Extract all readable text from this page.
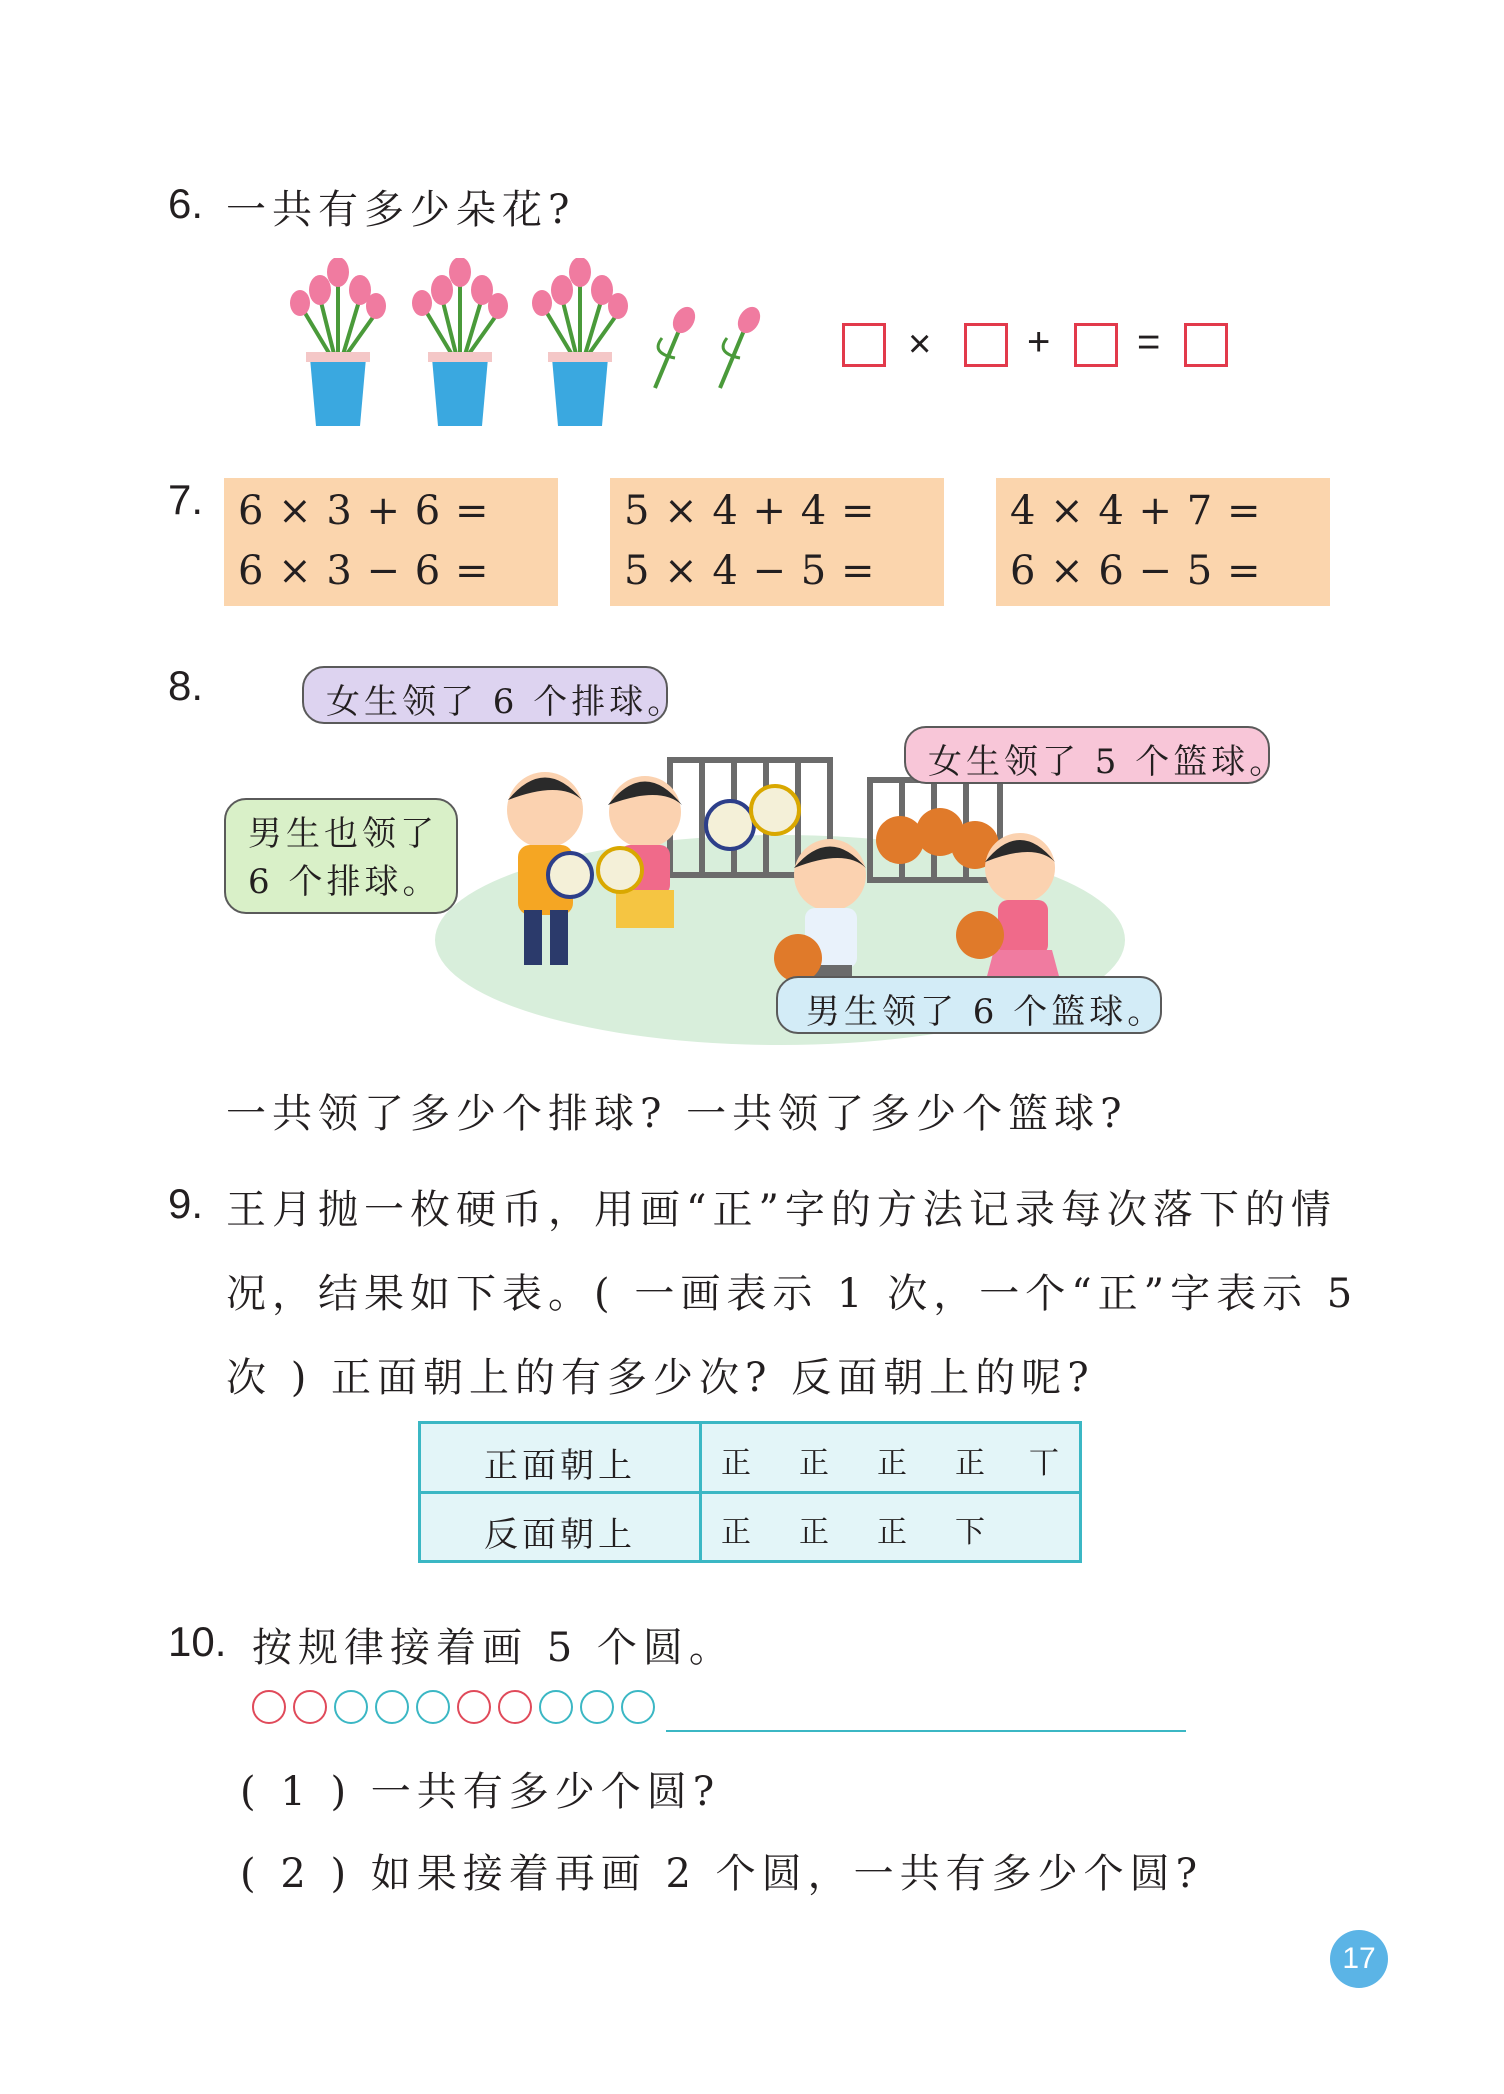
6. 一共有多少朵花?
× + =
7. 6 × 3 + 6 =
6 × 3 − 6 =
5 × 4 + 4 =
5 × 4 − 5 =
4 × 4 + 7 =
6 × 6 − 5 =
8.	女生领了 6 个排球。
女生领了 5 个篮球。
男生也领了
6 个排球。
男生领了 6 个篮球。
一共领了多少个排球? 一共领了多少个篮球?
9. 王月抛一枚硬币，用画“正”字的方法记录每次落下的情
况，结果如下表。( 一画表示 1 次，一个“正”字表示 5
次 ) 正面朝上的有多少次? 反面朝上的呢?
正面朝上	正 正 正 正 丅
反面朝上	正 正 正 下
10. 按规律接着画 5 个圆。
( 1 ) 一共有多少个圆?
( 2 ) 如果接着再画 2 个圆，一共有多少个圆?
17
